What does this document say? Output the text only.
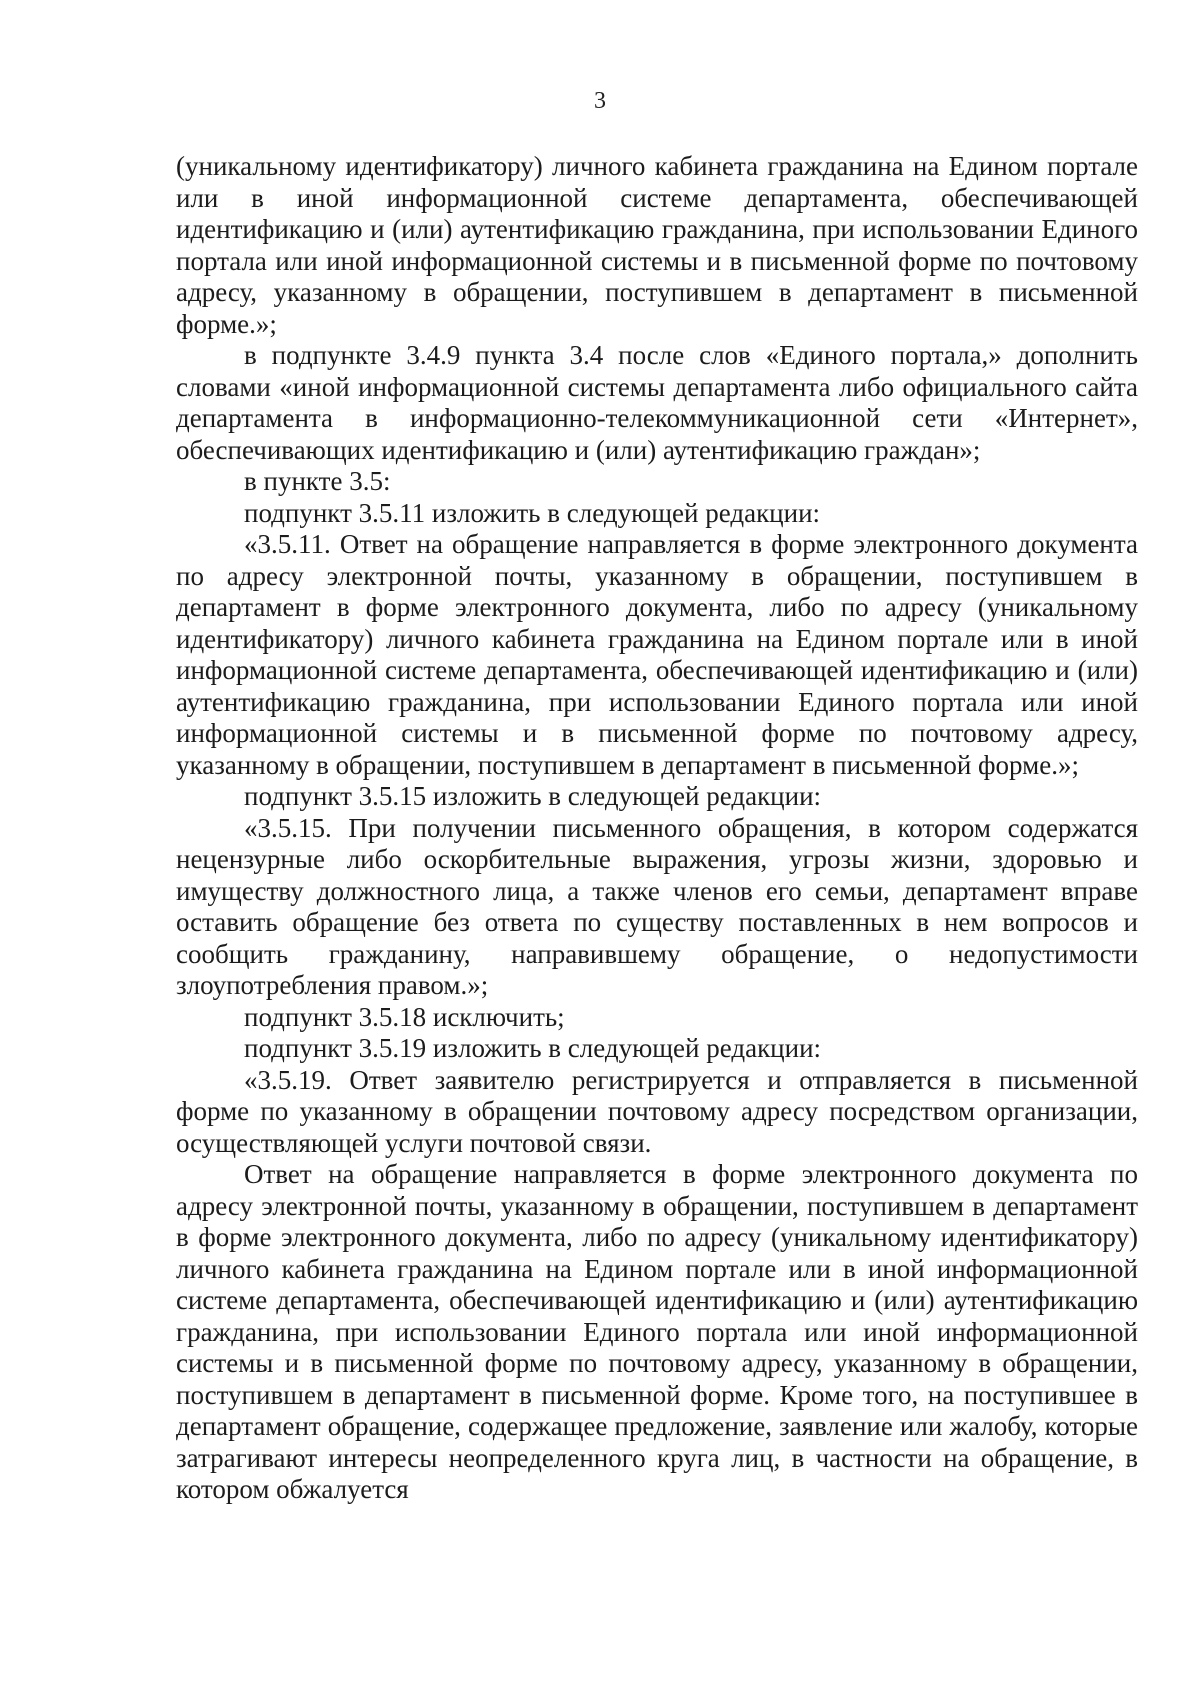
3

(уникальному идентификатору) личного кабинета гражданина на Едином портале или в иной информационной системе департамента, обеспечивающей идентификацию и (или) аутентификацию гражданина, при использовании Единого портала или иной информационной системы и в письменной форме по почтовому адресу, указанному в обращении, поступившем в департамент в письменной форме.»;

в подпункте 3.4.9 пункта 3.4 после слов «Единого портала,» дополнить словами «иной информационной системы департамента либо официального сайта департамента в информационно-телекоммуникационной сети «Интернет», обеспечивающих идентификацию и (или) аутентификацию граждан»;

в пункте 3.5:

подпункт 3.5.11 изложить в следующей редакции:

«3.5.11. Ответ на обращение направляется в форме электронного документа по адресу электронной почты, указанному в обращении, поступившем в департамент в форме электронного документа, либо по адресу (уникальному идентификатору) личного кабинета гражданина на Едином портале или в иной информационной системе департамента, обеспечивающей идентификацию и (или) аутентификацию гражданина, при использовании Единого портала или иной информационной системы и в письменной форме по почтовому адресу, указанному в обращении, поступившем в департамент в письменной форме.»;

подпункт 3.5.15 изложить в следующей редакции:

«3.5.15. При получении письменного обращения, в котором содержатся нецензурные либо оскорбительные выражения, угрозы жизни, здоровью и имуществу должностного лица, а также членов его семьи, департамент вправе оставить обращение без ответа по существу поставленных в нем вопросов и сообщить гражданину, направившему обращение, о недопустимости злоупотребления правом.»;

подпункт 3.5.18 исключить;

подпункт 3.5.19 изложить в следующей редакции:

«3.5.19. Ответ заявителю регистрируется и отправляется в письменной форме по указанному в обращении почтовому адресу посредством организации, осуществляющей услуги почтовой связи.

Ответ на обращение направляется в форме электронного документа по адресу электронной почты, указанному в обращении, поступившем в департамент в форме электронного документа, либо по адресу (уникальному идентификатору) личного кабинета гражданина на Едином портале или в иной информационной системе департамента, обеспечивающей идентификацию и (или) аутентификацию гражданина, при использовании Единого портала или иной информационной системы и в письменной форме по почтовому адресу, указанному в обращении, поступившем в департамент в письменной форме. Кроме того, на поступившее в департамент обращение, содержащее предложение, заявление или жалобу, которые затрагивают интересы неопределенного круга лиц, в частности на обращение, в котором обжалуется
